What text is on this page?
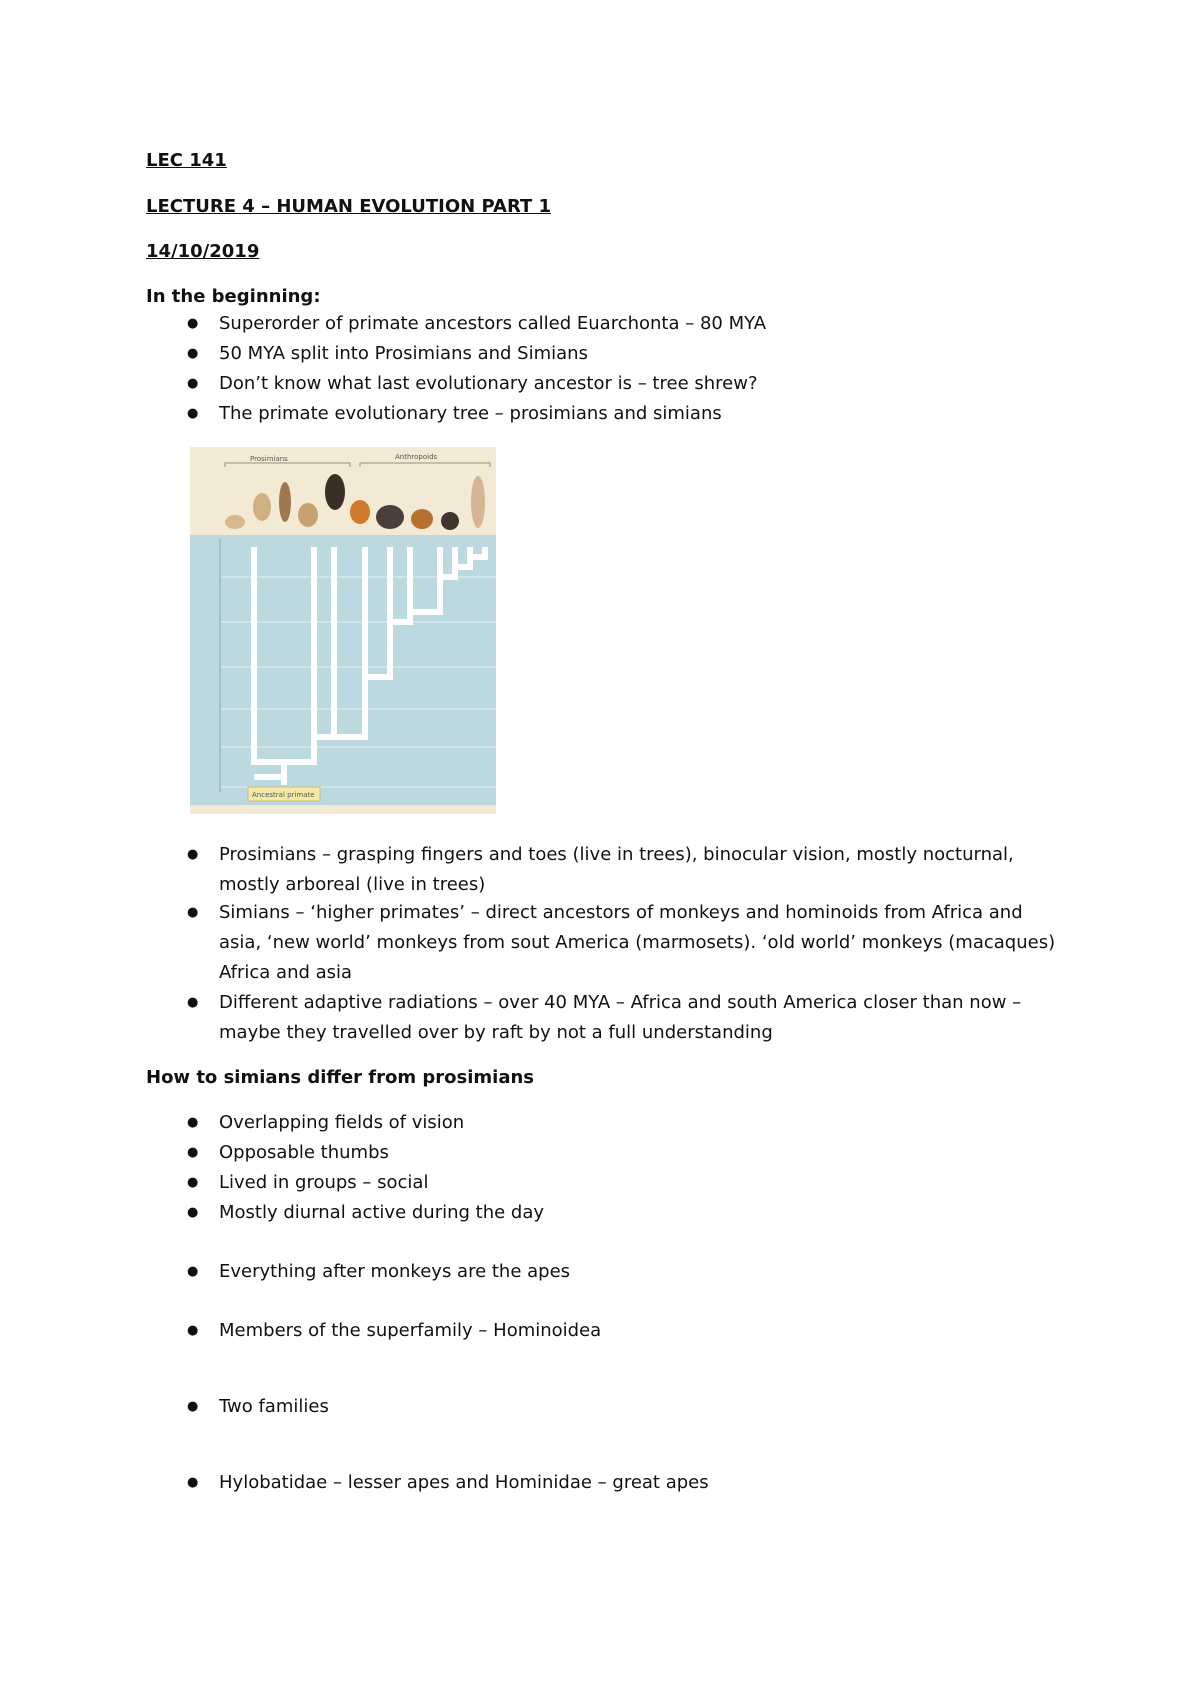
LEC 141
LECTURE 4 – HUMAN EVOLUTION PART 1
14/10/2019
In the beginning:
● Superorder of primate ancestors called Euarchonta – 80 MYA
● 50 MYA split into Prosimians and Simians
● Don’t know what last evolutionary ancestor is – tree shrew?
● The primate evolutionary tree – prosimians and simians
Prosimians	Anthropoids
Ancestral primate
● Prosimians – grasping fingers and toes (live in trees), binocular vision, mostly nocturnal,
mostly arboreal (live in trees)
● Simians – ‘higher primates’ – direct ancestors of monkeys and hominoids from Africa and
asia, ‘new world’ monkeys from sout America (marmosets). ‘old world’ monkeys (macaques)
Africa and asia
● Different adaptive radiations – over 40 MYA – Africa and south America closer than now –
maybe they travelled over by raft by not a full understanding
How to simians differ from prosimians
● Overlapping fields of vision
● Opposable thumbs
● Lived in groups – social
● Mostly diurnal active during the day
● Everything after monkeys are the apes
● Members of the superfamily – Hominoidea
● Two families
● Hylobatidae – lesser apes and Hominidae – great apes
